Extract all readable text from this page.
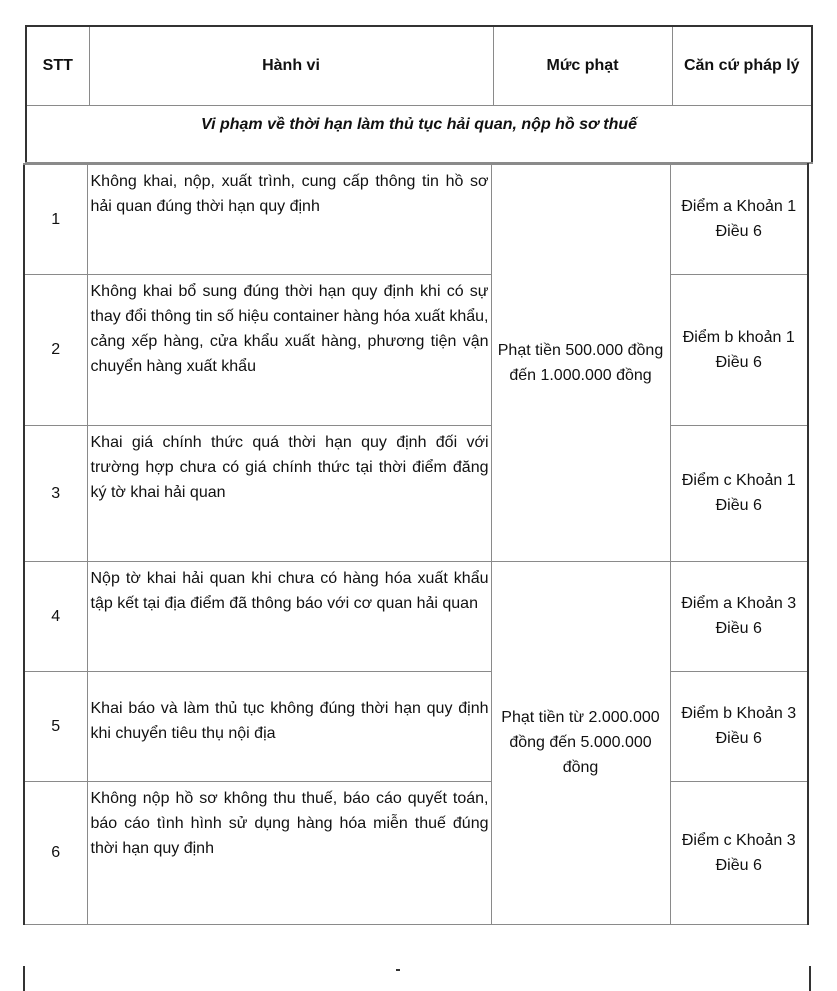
STT	Hành vi	Mức phạt	Căn cứ pháp lý
Vi phạm về thời hạn làm thủ tục hải quan, nộp hồ sơ thuế
1	Không khai, nộp, xuất trình, cung cấp thông tin hồ sơ hải quan đúng thời hạn quy định	Phạt tiền 500.000 đồng đến 1.000.000 đồng	Điểm a Khoản 1 Điều 6
2	Không khai bổ sung đúng thời hạn quy định khi có sự thay đổi thông tin số hiệu container hàng hóa xuất khẩu, cảng xếp hàng, cửa khẩu xuất hàng, phương tiện vận chuyển hàng xuất khẩu		Điểm b khoản 1 Điều 6
3	Khai giá chính thức quá thời hạn quy định đối với trường hợp chưa có giá chính thức tại thời điểm đăng ký tờ khai hải quan		Điểm c Khoản 1 Điều 6
4	Nộp tờ khai hải quan khi chưa có hàng hóa xuất khẩu tập kết tại địa điểm đã thông báo với cơ quan hải quan	Phạt tiền từ 2.000.000 đồng đến 5.000.000 đồng	Điểm a Khoản 3 Điều 6
5	Khai báo và làm thủ tục không đúng thời hạn quy định khi chuyển tiêu thụ nội địa		Điểm b Khoản 3 Điều 6
6	Không nộp hồ sơ không thu thuế, báo cáo quyết toán, báo cáo tình hình sử dụng hàng hóa miễn thuế đúng thời hạn quy định		Điểm c Khoản 3 Điều 6
